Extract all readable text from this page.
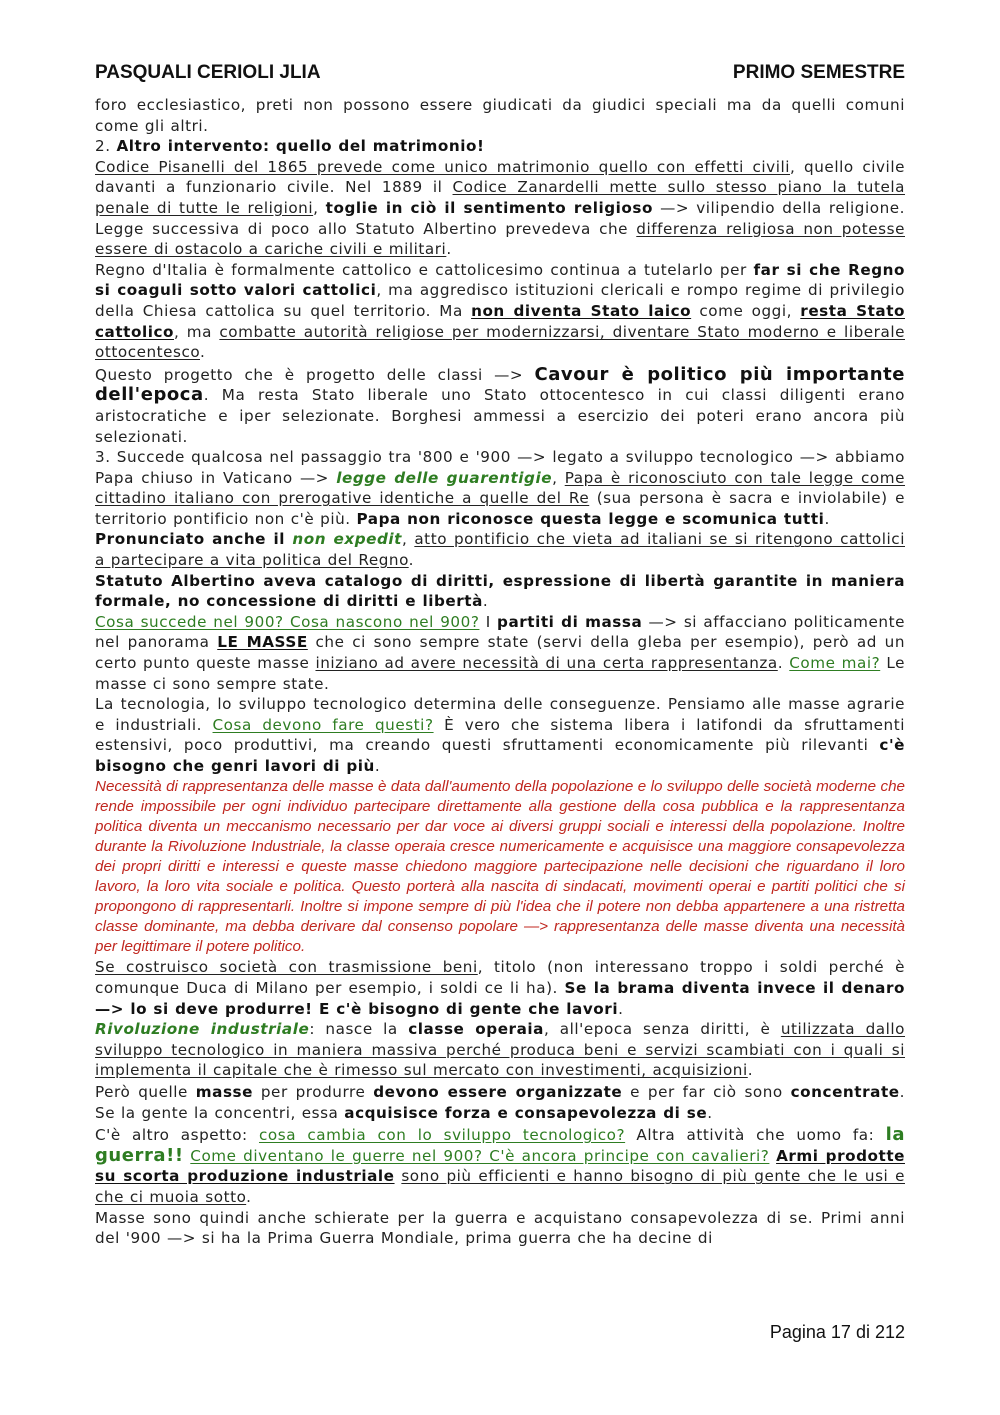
PASQUALI CERIOLI JLIA	PRIMO SEMESTRE

foro ecclesiastico, preti non possono essere giudicati da giudici speciali ma da quelli comuni come gli altri.

2. Altro intervento: quello del matrimonio!

Codice Pisanelli del 1865 prevede come unico matrimonio quello con effetti civili, quello civile davanti a funzionario civile. Nel 1889 il Codice Zanardelli mette sullo stesso piano la tutela penale di tutte le religioni, toglie in ciò il sentimento religioso —> vilipendio della religione. Legge successiva di poco allo Statuto Albertino prevedeva che differenza religiosa non potesse essere di ostacolo a cariche civili e militari.

Regno d'Italia è formalmente cattolico e cattolicesimo continua a tutelarlo per far si che Regno si coaguli sotto valori cattolici, ma aggredisco istituzioni clericali e rompo regime di privilegio della Chiesa cattolica su quel territorio. Ma non diventa Stato laico come oggi, resta Stato cattolico, ma combatte autorità religiose per modernizzarsi, diventare Stato moderno e liberale ottocentesco.

Questo progetto che è progetto delle classi —> Cavour è politico più importante dell'epoca. Ma resta Stato liberale uno Stato ottocentesco in cui classi diligenti erano aristocratiche e iper selezionate. Borghesi ammessi a esercizio dei poteri erano ancora più selezionati.

3. Succede qualcosa nel passaggio tra '800 e '900 —> legato a sviluppo tecnologico —> abbiamo Papa chiuso in Vaticano —> legge delle guarentigie, Papa è riconosciuto con tale legge come cittadino italiano con prerogative identiche a quelle del Re (sua persona è sacra e inviolabile) e territorio pontificio non c'è più. Papa non riconosce questa legge e scomunica tutti.

Pronunciato anche il non expedit, atto pontificio che vieta ad italiani se si ritengono cattolici a partecipare a vita politica del Regno.

Statuto Albertino aveva catalogo di diritti, espressione di libertà garantite in maniera formale, no concessione di diritti e libertà.

Cosa succede nel 900? Cosa nascono nel 900? I partiti di massa —> si affacciano politicamente nel panorama LE MASSE che ci sono sempre state (servi della gleba per esempio), però ad un certo punto queste masse iniziano ad avere necessità di una certa rappresentanza. Come mai? Le masse ci sono sempre state.

La tecnologia, lo sviluppo tecnologico determina delle conseguenze. Pensiamo alle masse agrarie e industriali. Cosa devono fare questi? È vero che sistema libera i latifondi da sfruttamenti estensivi, poco produttivi, ma creando questi sfruttamenti economicamente più rilevanti c'è bisogno che genri lavori di più.

Necessità di rappresentanza delle masse è data dall'aumento della popolazione e lo sviluppo delle società moderne che rende impossibile per ogni individuo partecipare direttamente alla gestione della cosa pubblica e la rappresentanza politica diventa un meccanismo necessario per dar voce ai diversi gruppi sociali e interessi della popolazione. Inoltre durante la Rivoluzione Industriale, la classe operaia cresce numericamente e acquisisce una maggiore consapevolezza dei propri diritti e interessi e queste masse chiedono maggiore partecipazione nelle decisioni che riguardano il loro lavoro, la loro vita sociale e politica. Questo porterà alla nascita di sindacati, movimenti operai e partiti politici che si propongono di rappresentarli. Inoltre si impone sempre di più l'idea che il potere non debba appartenere a una ristretta classe dominante, ma debba derivare dal consenso popolare —> rappresentanza delle masse diventa una necessità per legittimare il potere politico.

Se costruisco società con trasmissione beni, titolo (non interessano troppo i soldi perché è comunque Duca di Milano per esempio, i soldi ce li ha). Se la brama diventa invece il denaro —> lo si deve produrre! E c'è bisogno di gente che lavori.

Rivoluzione industriale: nasce la classe operaia, all'epoca senza diritti, è utilizzata dallo sviluppo tecnologico in maniera massiva perché produca beni e servizi scambiati con i quali si implementa il capitale che è rimesso sul mercato con investimenti, acquisizioni.

Però quelle masse per produrre devono essere organizzate e per far ciò sono concentrate. Se la gente la concentri, essa acquisisce forza e consapevolezza di se.

C'è altro aspetto: cosa cambia con lo sviluppo tecnologico? Altra attività che uomo fa: la guerra!! Come diventano le guerre nel 900? C'è ancora principe con cavalieri? Armi prodotte su scorta produzione industriale sono più efficienti e hanno bisogno di più gente che le usi e che ci muoia sotto.

Masse sono quindi anche schierate per la guerra e acquistano consapevolezza di se. Primi anni del '900 —> si ha la Prima Guerra Mondiale, prima guerra che ha decine di

Pagina 17 di 212
